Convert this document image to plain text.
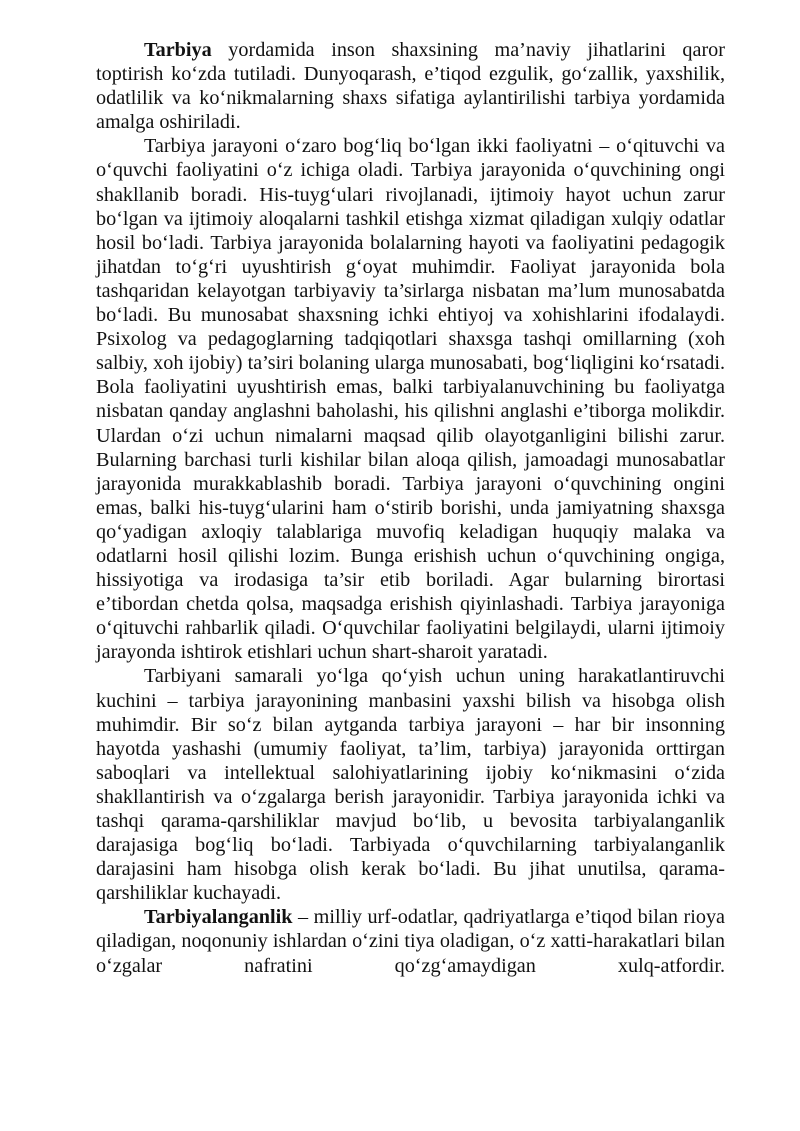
Tarbiya yordamida inson shaxsining ma’naviy jihatlarini qaror toptirish ko‘zda tutiladi. Dunyoqarash, e’tiqod ezgulik, go‘zallik, yaxshilik, odatlilik va ko‘nikmalarning shaxs sifatiga aylantirilishi tarbiya yordamida amalga oshiriladi.

Tarbiya jarayoni o‘zaro bog‘liq bo‘lgan ikki faoliyatni – o‘qituvchi va o‘quvchi faoliyatini o‘z ichiga oladi. Tarbiya jarayonida o‘quvchining ongi shakllanib boradi. His-tuyg‘ulari rivojlanadi, ijtimoiy hayot uchun zarur bo‘lgan va ijtimoiy aloqalarni tashkil etishga xizmat qiladigan xulqiy odatlar hosil bo‘ladi. Tarbiya jarayonida bolalarning hayoti va faoliyatini pedagogik jihatdan to‘g‘ri uyushtirish g‘oyat muhimdir. Faoliyat jarayonida bola tashqaridan kelayotgan tarbiyaviy ta’sirlarga nisbatan ma’lum munosabatda bo‘ladi. Bu munosabat shaxsning ichki ehtiyoj va xohishlarini ifodalaydi. Psixolog va pedagoglarning tadqiqotlari shaxsga tashqi omillarning (xoh salbiy, xoh ijobiy) ta’siri bolaning ularga munosabati, bog‘liqligini ko‘rsatadi. Bola faoliyatini uyushtirish emas, balki tarbiyalanuvchining bu faoliyatga nisbatan qanday anglashni baholashi, his qilishni anglashi e’tiborga molikdir. Ulardan o‘zi uchun nimalarni maqsad qilib olayotganligini bilishi zarur. Bularning barchasi turli kishilar bilan aloqa qilish, jamoadagi munosabatlar jarayonida murakkablashib boradi. Tarbiya jarayoni o‘quvchining ongini emas, balki his-tuyg‘ularini ham o‘stirib borishi, unda jamiyatning shaxsga qo‘yadigan axloqiy talablariga muvofiq keladigan huquqiy malaka va odatlarni hosil qilishi lozim. Bunga erishish uchun o‘quvchining ongiga, hissiyotiga va irodasiga ta’sir etib boriladi. Agar bularning birortasi e’tibordan chetda qolsa, maqsadga erishish qiyinlashadi. Tarbiya jarayoniga o‘qituvchi rahbarlik qiladi. O‘quvchilar faoliyatini belgilaydi, ularni ijtimoiy jarayonda ishtirok etishlari uchun shart-sharoit yaratadi.

Tarbiyani samarali yo‘lga qo‘yish uchun uning harakatlantiruvchi kuchini – tarbiya jarayonining manbasini yaxshi bilish va hisobga olish muhimdir. Bir so‘z bilan aytganda tarbiya jarayoni – har bir insonning hayotda yashashi (umumiy faoliyat, ta’lim, tarbiya) jarayonida orttirgan saboqlari va intellektual salohiyatlarining ijobiy ko‘nikmasini o‘zida shakllantirish va o‘zgalarga berish jarayonidir. Tarbiya jarayonida ichki va tashqi qarama-qarshiliklar mavjud bo‘lib, u bevosita tarbiyalanganlik darajasiga bog‘liq bo‘ladi. Tarbiyada o‘quvchilarning tarbiyalanganlik darajasini ham hisobga olish kerak bo‘ladi. Bu jihat unutilsa, qarama-qarshiliklar kuchayadi.

Tarbiyalanganlik – milliy urf-odatlar, qadriyatlarga e’tiqod bilan rioya qiladigan, noqonuniy ishlardan o‘zini tiya oladigan, o‘z xatti-harakatlari bilan o‘zgalar nafratini qo‘zg‘amaydigan xulq-atfordir.
